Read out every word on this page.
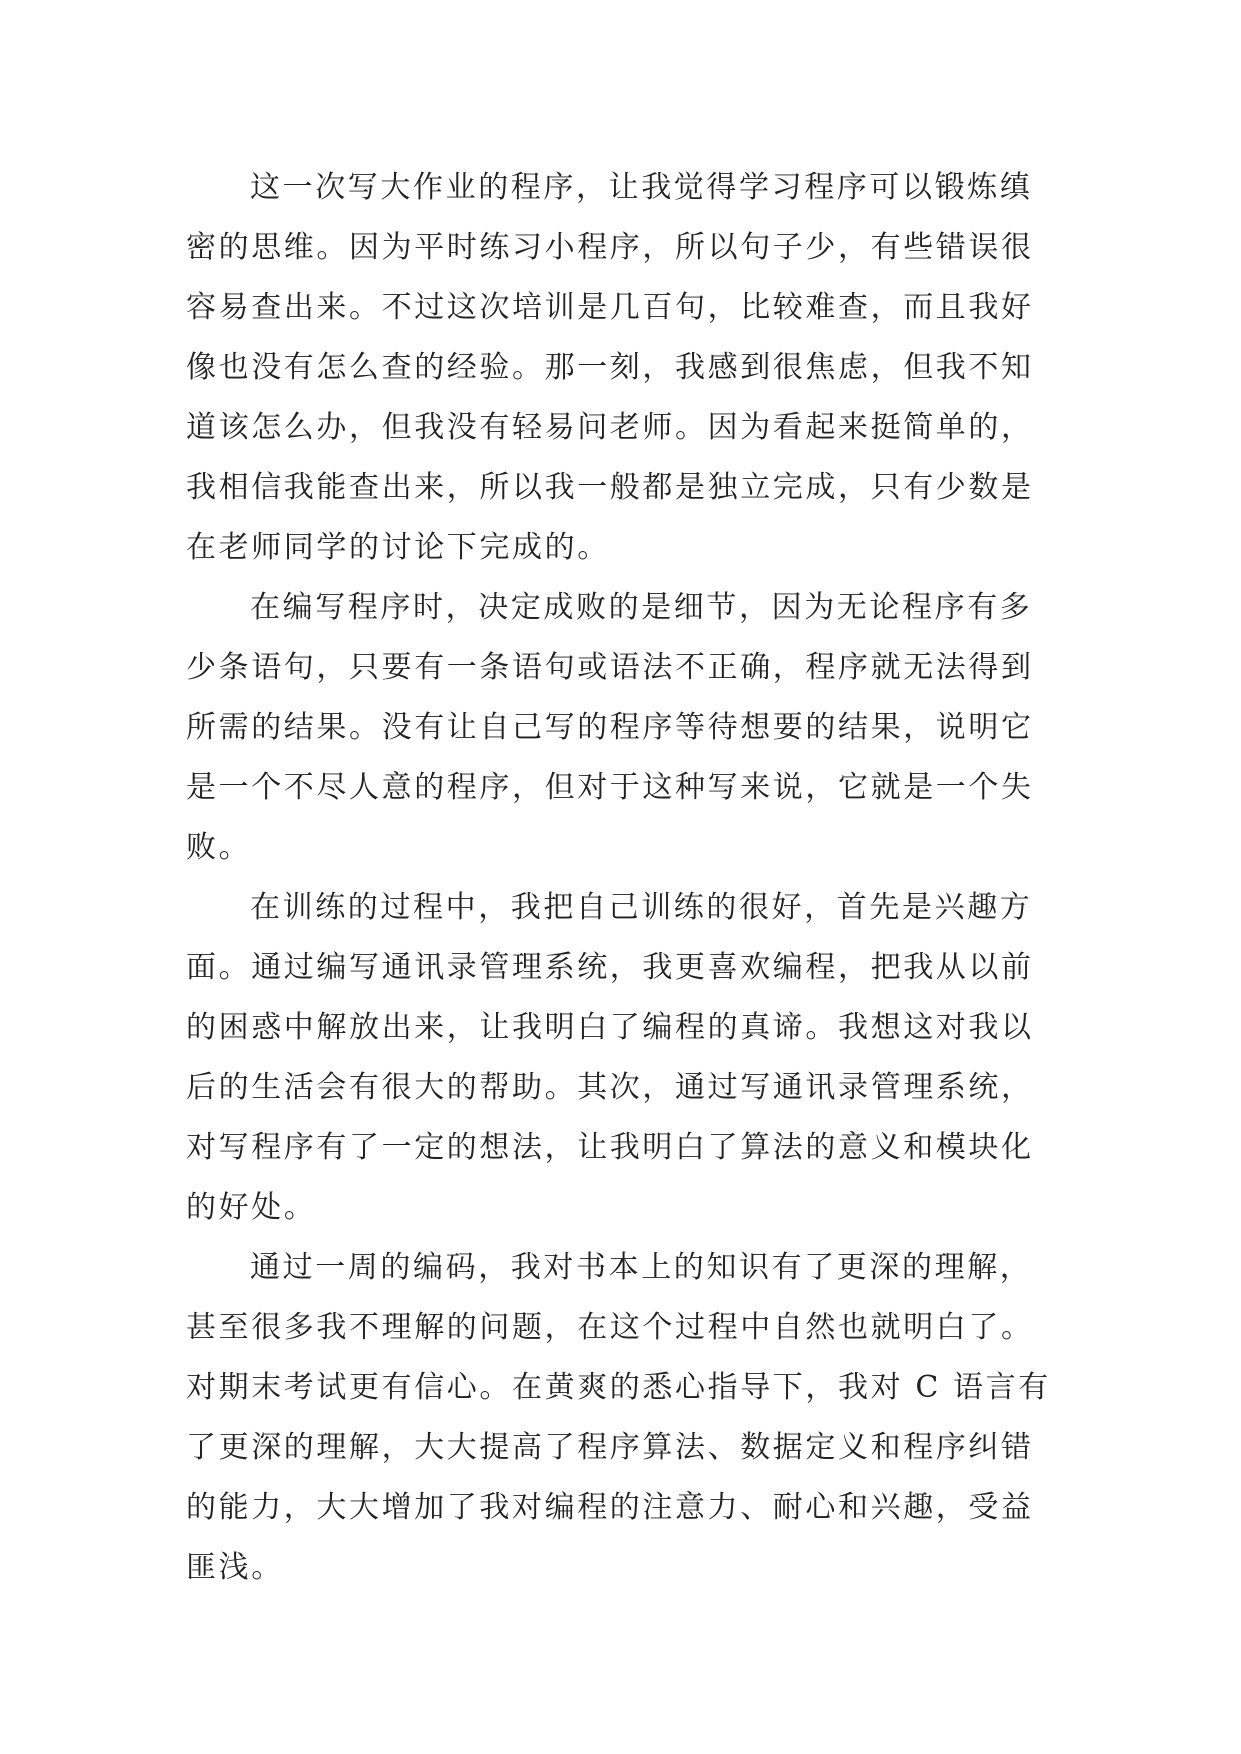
这一次写大作业的程序，让我觉得学习程序可以锻炼缜
密的思维。因为平时练习小程序，所以句子少，有些错误很
容易查出来。不过这次培训是几百句，比较难查，而且我好
像也没有怎么查的经验。那一刻，我感到很焦虑，但我不知
道该怎么办，但我没有轻易问老师。因为看起来挺简单的，
我相信我能查出来，所以我一般都是独立完成，只有少数是
在老师同学的讨论下完成的。
在编写程序时，决定成败的是细节，因为无论程序有多
少条语句，只要有一条语句或语法不正确，程序就无法得到
所需的结果。没有让自己写的程序等待想要的结果，说明它
是一个不尽人意的程序，但对于这种写来说，它就是一个失
败。
在训练的过程中，我把自己训练的很好，首先是兴趣方
面。通过编写通讯录管理系统，我更喜欢编程，把我从以前
的困惑中解放出来，让我明白了编程的真谛。我想这对我以
后的生活会有很大的帮助。其次，通过写通讯录管理系统，
对写程序有了一定的想法，让我明白了算法的意义和模块化
的好处。
通过一周的编码，我对书本上的知识有了更深的理解，
甚至很多我不理解的问题，在这个过程中自然也就明白了。
对期末考试更有信心。在黄爽的悉心指导下，我对 C 语言有
了更深的理解，大大提高了程序算法、数据定义和程序纠错
的能力，大大增加了我对编程的注意力、耐心和兴趣，受益
匪浅。
